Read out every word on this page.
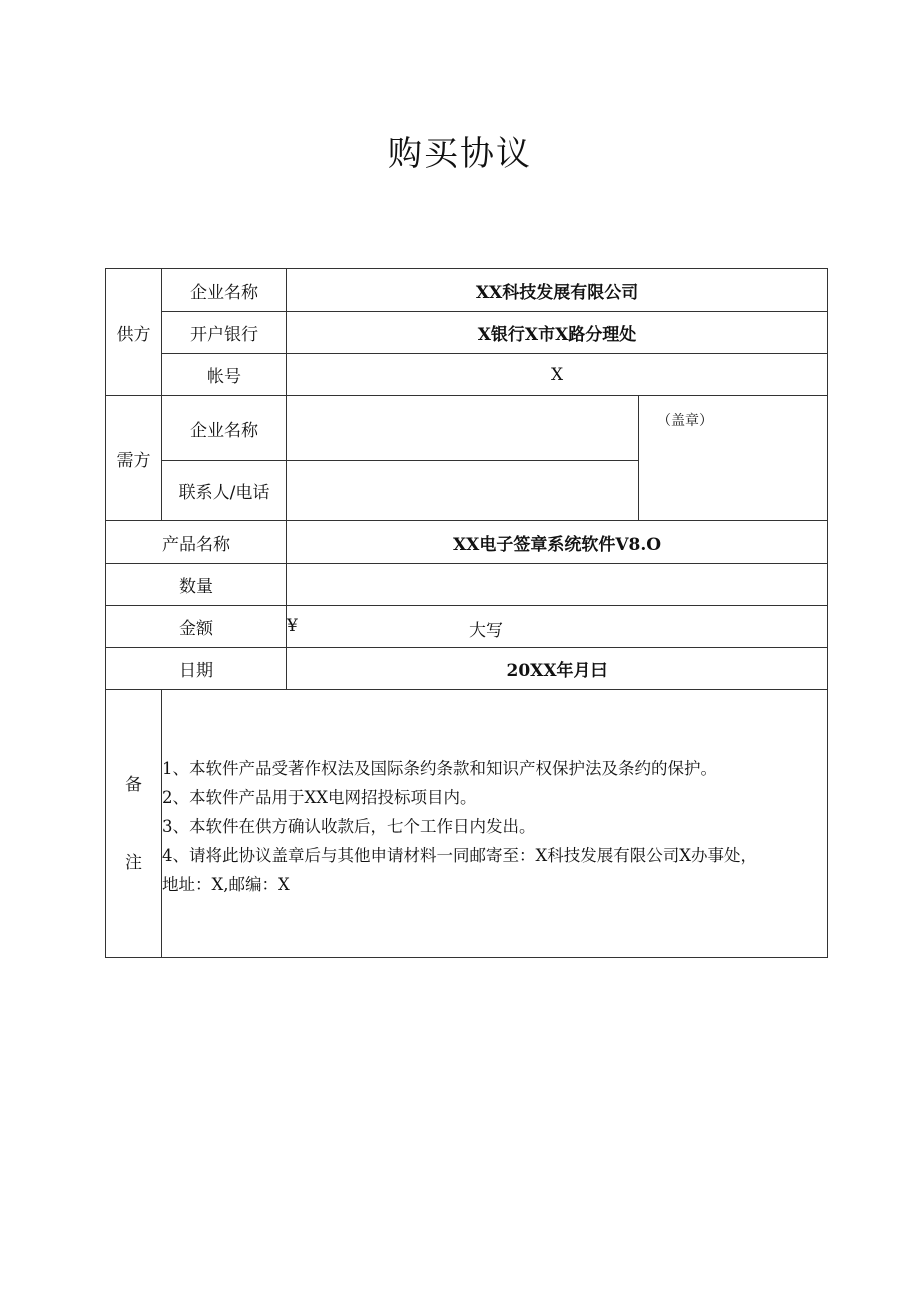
购买协议
供方	企业名称	XX科技发展有限公司	
	开户银行	X银行X市X路分理处	
	帐号	X	
需方	企业名称		（盖章）
	联系人/电话		
产品名称		XX电子签章系统软件V8.O	
数量			
金额		¥ 大写	

日期		20XX年月曰	
备

注	1、本软件产品受著作权法及国际条约条款和知识产权保护法及条约的保护。
2、本软件产品用于XX电网招投标项目内。
3、本软件在供方确认收款后，七个工作日内发出。
4、请将此协议盖章后与其他申请材料一同邮寄至：X科技发展有限公司X办事处，
地址：X,邮编：X		
